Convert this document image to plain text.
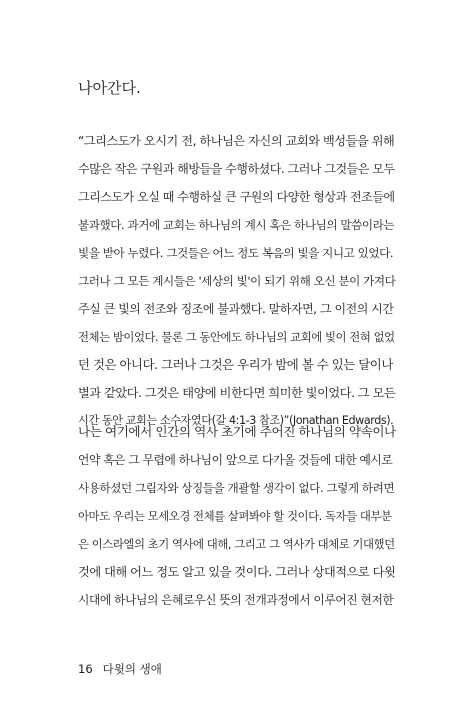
나아간다.
“그리스도가 오시기 전, 하나님은 자신의 교회와 백성들을 위해
수많은 작은 구원과 해방들을 수행하셨다. 그러나 그것들은 모두
그리스도가 오실 때 수행하실 큰 구원의 다양한 형상과 전조들에
불과했다. 과거에 교회는 하나님의 계시 혹은 하나님의 말씀이라는
빛을 받아 누렸다. 그것들은 어느 정도 복음의 빛을 지니고 있었다.
그러나 그 모든 계시들은 '세상의 빛'이 되기 위해 오신 분이 가져다
주실 큰 빛의 전조와 징조에 불과했다. 말하자면, 그 이전의 시간
전체는 밤이었다. 물론 그 동안에도 하나님의 교회에 빛이 전혀 없었
던 것은 아니다. 그러나 그것은 우리가 밤에 볼 수 있는 달이나
별과 같았다. 그것은 태양에 비한다면 희미한 빛이었다. 그 모든
시간 동안 교회는 소수자였다(갈 4:1-3 참조)”(Jonathan Edwards).
나는 여기에서 인간의 역사 초기에 주어진 하나님의 약속이나
언약 혹은 그 무렵에 하나님이 앞으로 다가올 것들에 대한 예시로
사용하셨던 그림자와 상징들을 개괄할 생각이 없다. 그렇게 하려면
아마도 우리는 모세오경 전체를 살펴봐야 할 것이다. 독자들 대부분
은 이스라엘의 초기 역사에 대해, 그리고 그 역사가 대체로 기대했던
것에 대해 어느 정도 알고 있을 것이다. 그러나 상대적으로 다윗
시대에 하나님의 은혜로우신 뜻의 전개과정에서 이루어진 현저한
16 다윗의 생애
